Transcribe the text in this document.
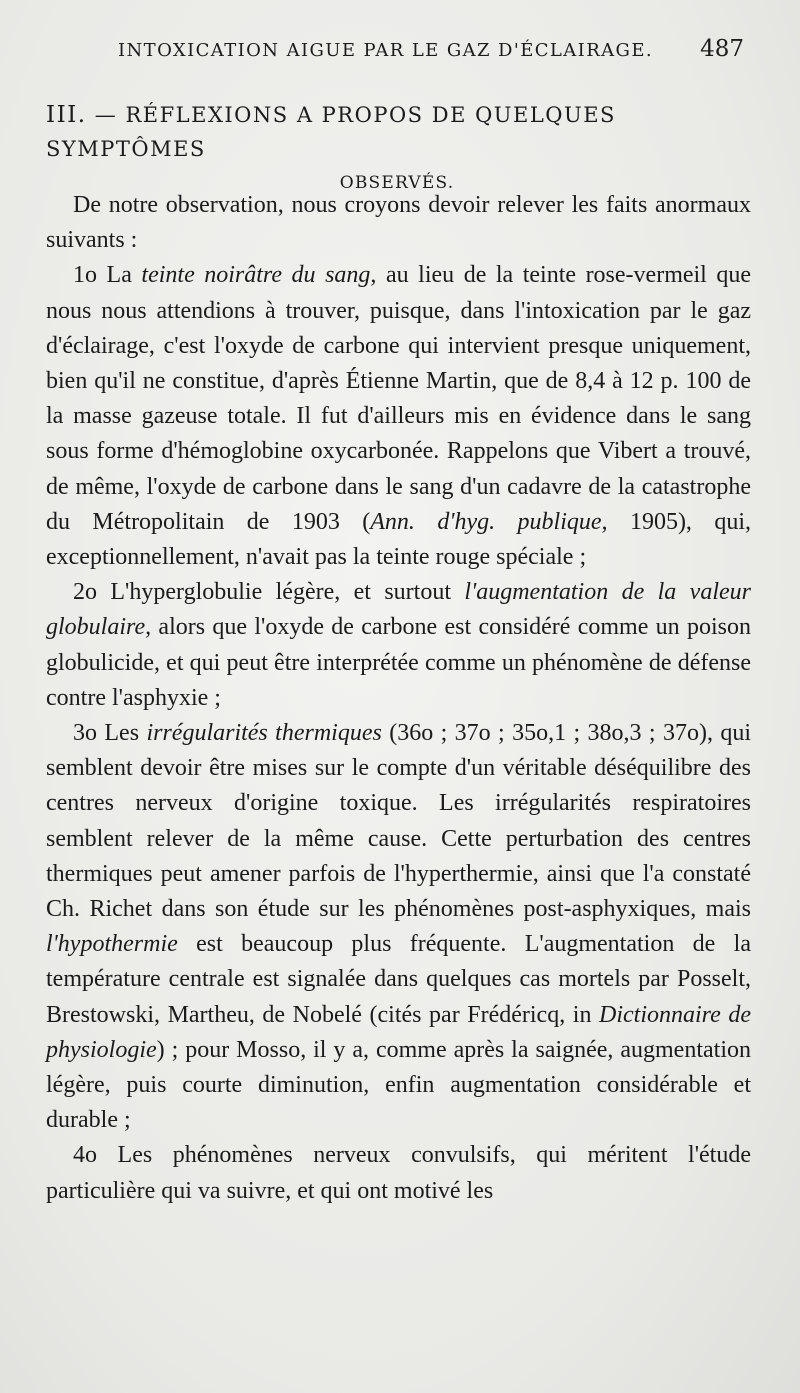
INTOXICATION AIGUE PAR LE GAZ D'ÉCLAIRAGE. 487
III. — RÉFLEXIONS A PROPOS DE QUELQUES SYMPTÔMES
OBSERVÉS.

De notre observation, nous croyons devoir relever les faits anormaux suivants :

1o La teinte noirâtre du sang, au lieu de la teinte rose-vermeil que nous nous attendions à trouver, puisque, dans l'intoxication par le gaz d'éclairage, c'est l'oxyde de carbone qui intervient presque uniquement, bien qu'il ne constitue, d'après Étienne Martin, que de 8,4 à 12 p. 100 de la masse gazeuse totale. Il fut d'ailleurs mis en évidence dans le sang sous forme d'hémoglobine oxycarbonée. Rappelons que Vibert a trouvé, de même, l'oxyde de carbone dans le sang d'un cadavre de la catastrophe du Métropolitain de 1903 (Ann. d'hyg. publique, 1905), qui, exceptionnellement, n'avait pas la teinte rouge spéciale ;

2o L'hyperglobulie légère, et surtout l'augmentation de la valeur globulaire, alors que l'oxyde de carbone est considéré comme un poison globulicide, et qui peut être interprétée comme un phénomène de défense contre l'asphyxie ;

3o Les irrégularités thermiques (36o ; 37o ; 35o,1 ; 38o,3 ; 37o), qui semblent devoir être mises sur le compte d'un véritable déséquilibre des centres nerveux d'origine toxique. Les irrégularités respiratoires semblent relever de la même cause. Cette perturbation des centres thermiques peut amener parfois de l'hyperthermie, ainsi que l'a constaté Ch. Richet dans son étude sur les phénomènes post-asphyxiques, mais l'hypothermie est beaucoup plus fréquente. L'augmentation de la température centrale est signalée dans quelques cas mortels par Posselt, Brestowski, Martheu, de Nobelé (cités par Frédéricq, in Dictionnaire de physiologie) ; pour Mosso, il y a, comme après la saignée, augmentation légère, puis courte diminution, enfin augmentation considérable et durable ;

4o Les phénomènes nerveux convulsifs, qui méritent l'étude particulière qui va suivre, et qui ont motivé les
